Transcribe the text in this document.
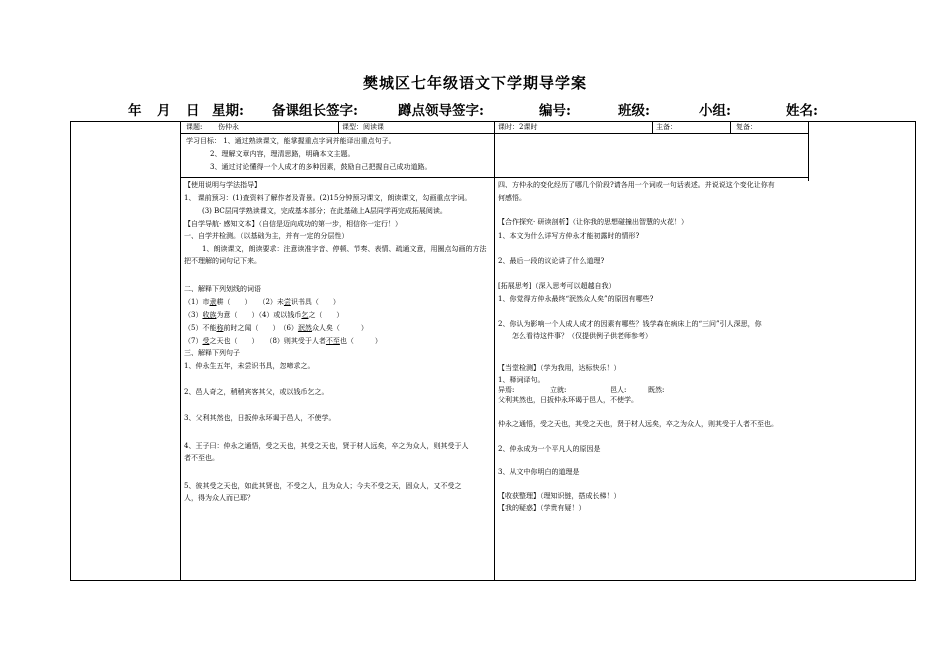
樊城区七年级语文下学期导学案
年 月 日 星期: 备课组长签字:	蹲点领导签字:	编号:	班级:	小组:	姓名:
课题: 伤仲永	课型：阅读课	课时：2课时	主备：	复备：
学习目标： 1、通过熟读课文，能掌握重点字词并能译出重点句子。
2、理解文章内容，理清思路，明确本文主题。
3、通过讨论懂得一个人成才的多种因素，鼓励自己把握自己成功道路。
【使用说明与学法指导】
1、 课前预习：(1)查资料了解作者及背景。(2)15分钟预习课文，朗读课文，勾画重点字词。
(3) BC层同学熟读课文，完成基本部分；在此基础上A层同学再完成拓展阅读。
【自学导航· 感知文本】（自信是迈向成功的第一步，相信你一定行！）
一、自学并检测。（以基础为主，并有一定的分层性）
1、朗读课文，朗读要求：注意读准字音、停顿、节奏、表情、疏通文意，用圈点勾画的方法
把不理解的词句记下来。
二、解释下列划线的词语
（1）市隶耕（　　）　　（2）未尝识书具（　　）
（3）收族为意（　　）（4）或以钱币乞之（　　）
（5）不能称前时之闻（　　）　（6）泯然众人矣（　　　）
（7）受之天也（　　）　　（8）则其受于人者不至也（　　　）
三、解释下列句子
1、仲永生五年，未尝识书具，忽啼求之。
2、邑人奇之，稍稍宾客其父，或以钱币乞之。
3、父利其然也，日扳仲永环谒于邑人，不使学。
4、王子曰：仲永之通悟，受之天也，其受之天也，贤于材人远矣，卒之为众人，则其受于人
者不至也。
5、彼其受之天也，如此其贤也，不受之人，且为众人；今夫不受之天，固众人，又不受之
人，得为众人而已耶？
四、方仲永的变化经历了哪几个阶段?请各用一个词或一句话表述。并说说这个变化让你有
何感悟。
【合作探究· 研读剖析】（让你我的思想碰撞出智慧的火花！）
1、本文为什么详写方仲永才能初露时的情形?
2、最后一段的议论讲了什么道理?
[拓展思考]（深入思考可以超越自我）
1、你觉得方仲永最终“泯然众人矣”的原因有哪些?
2、你认为影响一个人成人成才的因素有哪些？钱学森在病床上的“三问”引人深思，你
怎么看待这件事？（仅提供例子供老师参考）
【当堂检测】（学为我用，达标快乐！）
1、释词译句。
异焉:	立就:	邑人:	既然:
父利其然也，日扳仲永环谒于邑人，不使学。
仲永之通悟，受之天也，其受之天也，贤于材人远矣，卒之为众人，则其受于人者不至也。
2、仲永成为一个平凡人的原因是
3、从文中你明白的道理是
【收获整理】（理知识链，搭成长梯！）
【我的疑惑】（学贵有疑！）
